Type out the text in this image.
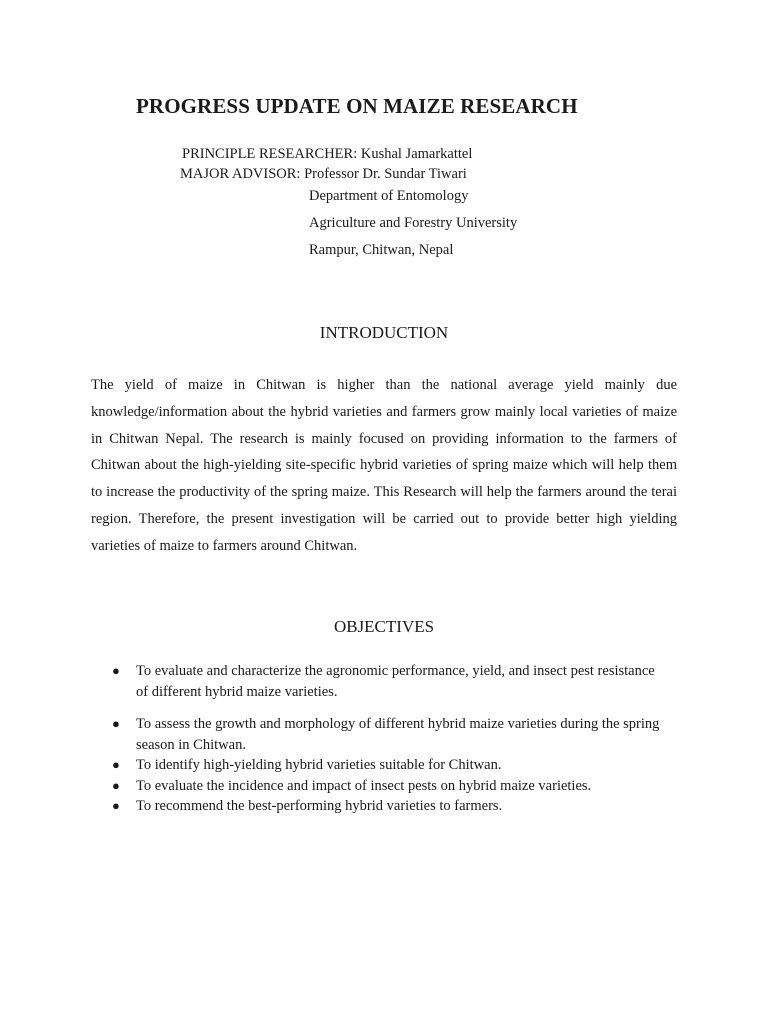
PROGRESS UPDATE ON MAIZE RESEARCH
PRINCIPLE RESEARCHER: Kushal Jamarkattel
MAJOR ADVISOR: Professor Dr. Sundar Tiwari
Department of Entomology
Agriculture and Forestry University
Rampur, Chitwan, Nepal
INTRODUCTION
The yield of maize in Chitwan is higher than the national average yield mainly due knowledge/information about the hybrid varieties and farmers grow mainly local varieties of maize in Chitwan Nepal. The research is mainly focused on providing information to the farmers of Chitwan about the high-yielding site-specific hybrid varieties of spring maize which will help them to increase the productivity of the spring maize. This Research will help the farmers around the terai region. Therefore, the present investigation will be carried out to provide better high yielding varieties of maize to farmers around Chitwan.
OBJECTIVES
● To evaluate and characterize the agronomic performance, yield, and insect pest resistance of different hybrid maize varieties.
● To assess the growth and morphology of different hybrid maize varieties during the spring season in Chitwan.
● To identify high-yielding hybrid varieties suitable for Chitwan.
● To evaluate the incidence and impact of insect pests on hybrid maize varieties.
● To recommend the best-performing hybrid varieties to farmers.
